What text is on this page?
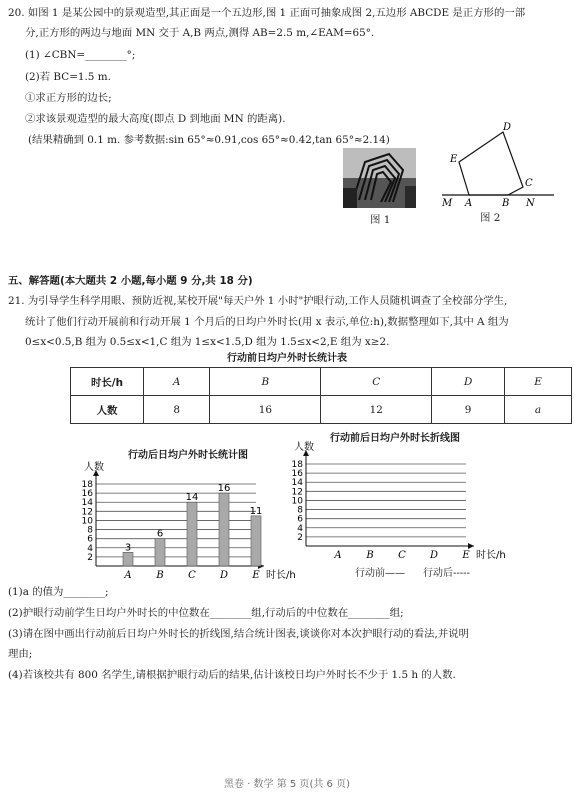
20. 如图 1 是某公园中的景观造型,其正面是一个五边形,图 1 正面可抽象成图 2,五边形 ABCDE 是正方形的一部
分,正方形的两边与地面 MN 交于 A,B 两点,测得 AB=2.5 m,∠EAM=65°.
(1) ∠CBN=________°;
(2)若 BC=1.5 m.
①求正方形的边长;
②求该景观造型的最大高度(即点 D 到地面 MN 的距离).
(结果精确到 0.1 m. 参考数据:sin 65°≈0.91,cos 65°≈0.42,tan 65°≈2.14)
图 1
D
E
C
M A	B N
图 2
五、解答题(本大题共 2 小题,每小题 9 分,共 18 分)
21. 为引导学生科学用眼、预防近视,某校开展"每天户外 1 小时"护眼行动,工作人员随机调查了全校部分学生,
统计了他们行动开展前和行动开展 1 个月后的日均户外时长(用 x 表示,单位:h),数据整理如下,其中 A 组为
0≤x<0.5,B 组为 0.5≤x<1,C 组为 1≤x<1.5,D 组为 1.5≤x<2,E 组为 x≥2.
行动前日均户外时长统计表
时长/h	A	B	C	D	E
人数	8	16	12	9	a
行动后日均户外时长统计图
2
4
6
8
10
12
14
16
18
人数
A B C D E 时长/h
3
6
14
16
11
行动前后日均户外时长折线图
2
4
6
8
10
12
14
16
18
人数
A B C D E 时长/h
行动前—— 行动后-----
(1)a 的值为________;
(2)护眼行动前学生日均户外时长的中位数在________组,行动后的中位数在________组;
(3)请在图中画出行动前后日均户外时长的折线图,结合统计图表,谈谈你对本次护眼行动的看法,并说明
理由;
(4)若该校共有 800 名学生,请根据护眼行动后的结果,估计该校日均户外时长不少于 1.5 h 的人数.
黑卷 · 数学 第 5 页(共 6 页)
